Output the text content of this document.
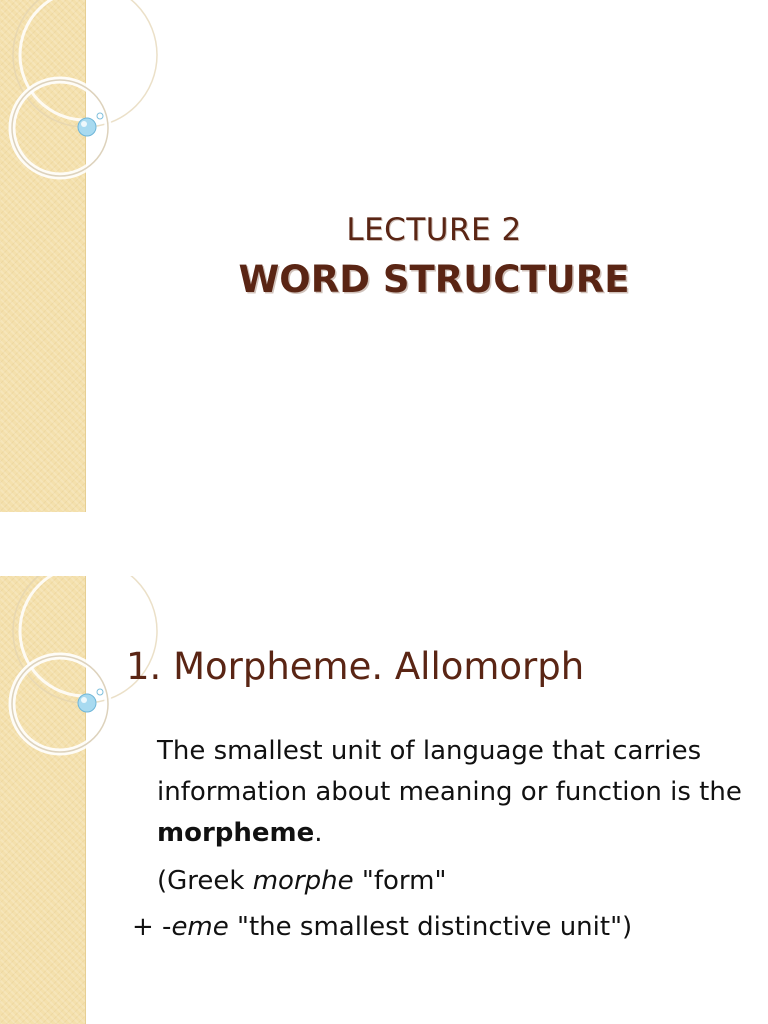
LECTURE 2
WORD STRUCTURE
1. Morpheme. Allomorph
The smallest unit of language that carries information about meaning or function is the morpheme.
(Greek morphe "form"
+ -eme "the smallest distinctive unit")
